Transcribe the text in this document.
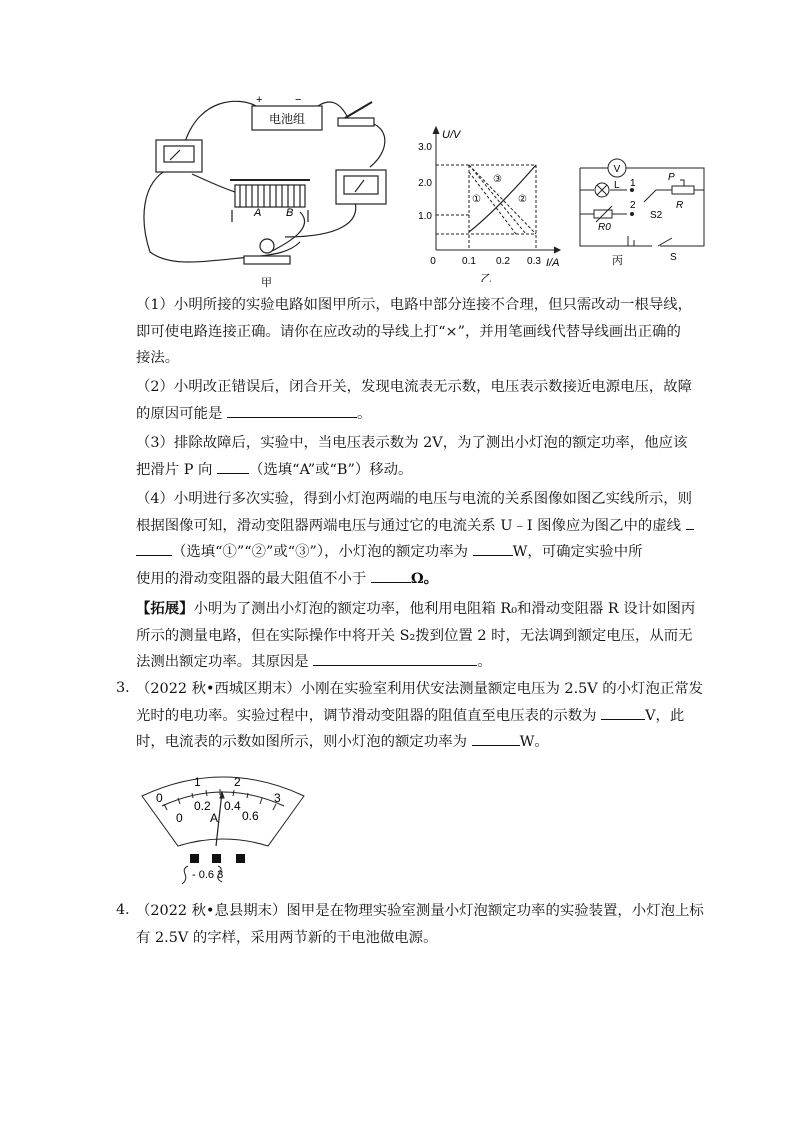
电池组
+	−
A B
甲
U/V
3.0
2.0
1.0
0	0.1 0.2 0.3 I/A
①
③
②
乙
V
L 1
2
P
R
R0
S2
S
丙
（1）小明所接的实验电路如图甲所示，电路中部分连接不合理，但只需改动一根导线，
即可使电路连接正确。请你在应改动的导线上打“×”，并用笔画线代替导线画出正确的
接法。
（2）小明改正错误后，闭合开关，发现电流表无示数，电压表示数接近电源电压，故障
的原因可能是	。
（3）排除故障后，实验中，当电压表示数为 2V，为了测出小灯泡的额定功率，他应该
把滑片 P 向	（选填“A”或“B”）移动。
（4）小明进行多次实验，得到小灯泡两端的电压与电流的关系图像如图乙实线所示，则
根据图像可知，滑动变阻器两端电压与通过它的电流关系 U﹣I 图像应为图乙中的虚线
（选填“①”“②”或“③”），小灯泡的额定功率为	W，可确定实验中所
使用的滑动变阻器的最大阻值不小于	Ω。
【拓展】小明为了测出小灯泡的额定功率，他利用电阻箱 R₀和滑动变阻器 R 设计如图丙
所示的测量电路，但在实际操作中将开关 S₂拨到位置 2 时，无法调到额定电压，从而无
法测出额定功率。其原因是	。
3．
（2022 秋•西城区期末）小刚在实验室利用伏安法测量额定电压为 2.5V 的小灯泡正常发
光时的电功率。实验过程中，调节滑动变阻器的阻值直至电压表的示数为	V，此
时，电流表的示数如图所示，则小灯泡的额定功率为	W。
0
1	2
3
0
0.2 0.4
0.6
A
- 0.6 3
4．
（2022 秋•息县期末）图甲是在物理实验室测量小灯泡额定功率的实验装置，小灯泡上标
有 2.5V 的字样，采用两节新的干电池做电源。
